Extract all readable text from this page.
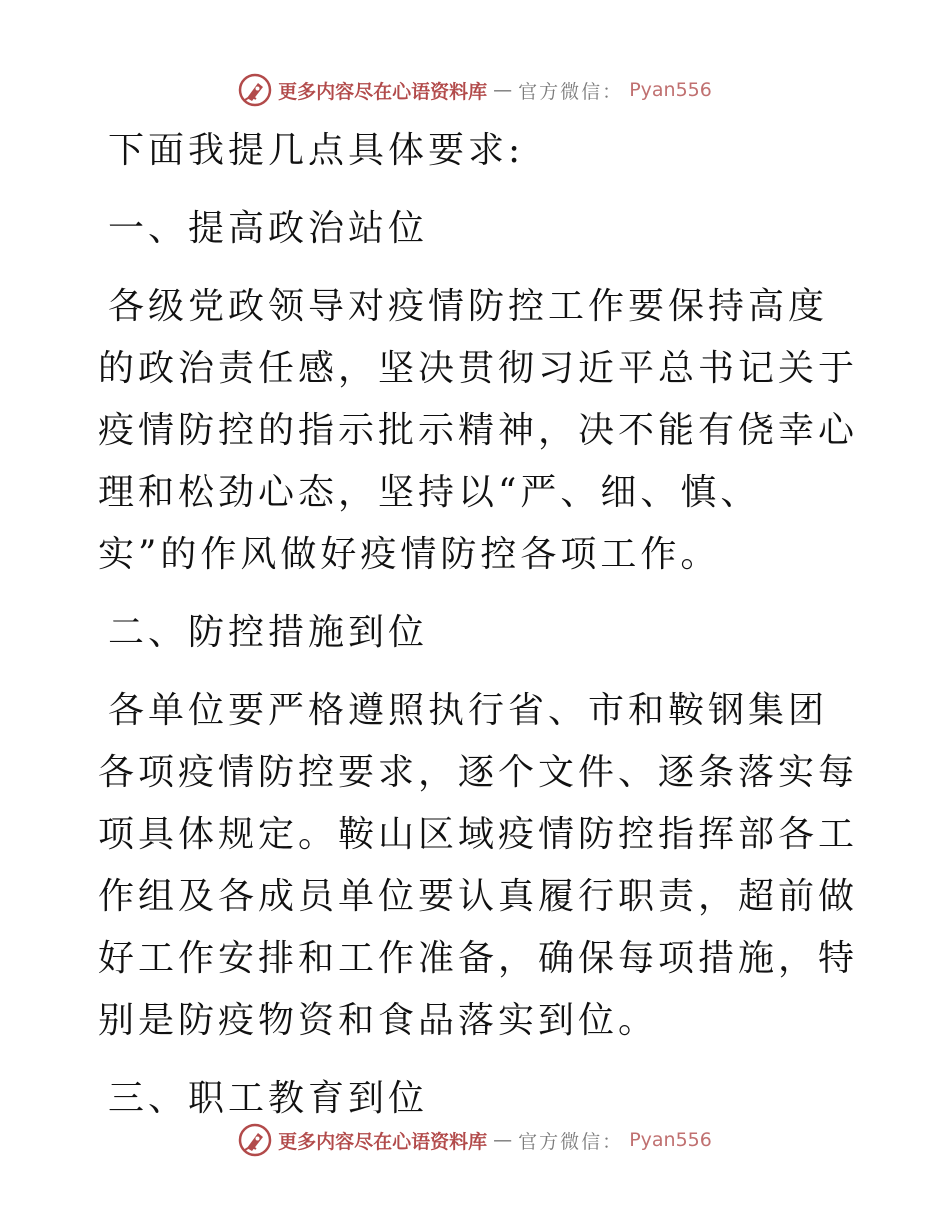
更多内容尽在心语资料库 — 官方微信： Pyan556

下面我提几点具体要求:

一、提高政治站位

各级党政领导对疫情防控工作要保持高度的政治责任感，坚决贯彻习近平总书记关于疫情防控的指示批示精神，决不能有侥幸心理和松劲心态，坚持以“严、细、慎、实”的作风做好疫情防控各项工作。

二、防控措施到位

各单位要严格遵照执行省、市和鞍钢集团各项疫情防控要求，逐个文件、逐条落实每项具体规定。鞍山区域疫情防控指挥部各工作组及各成员单位要认真履行职责，超前做好工作安排和工作准备，确保每项措施，特别是防疫物资和食品落实到位。

三、职工教育到位

更多内容尽在心语资料库 — 官方微信： Pyan556
